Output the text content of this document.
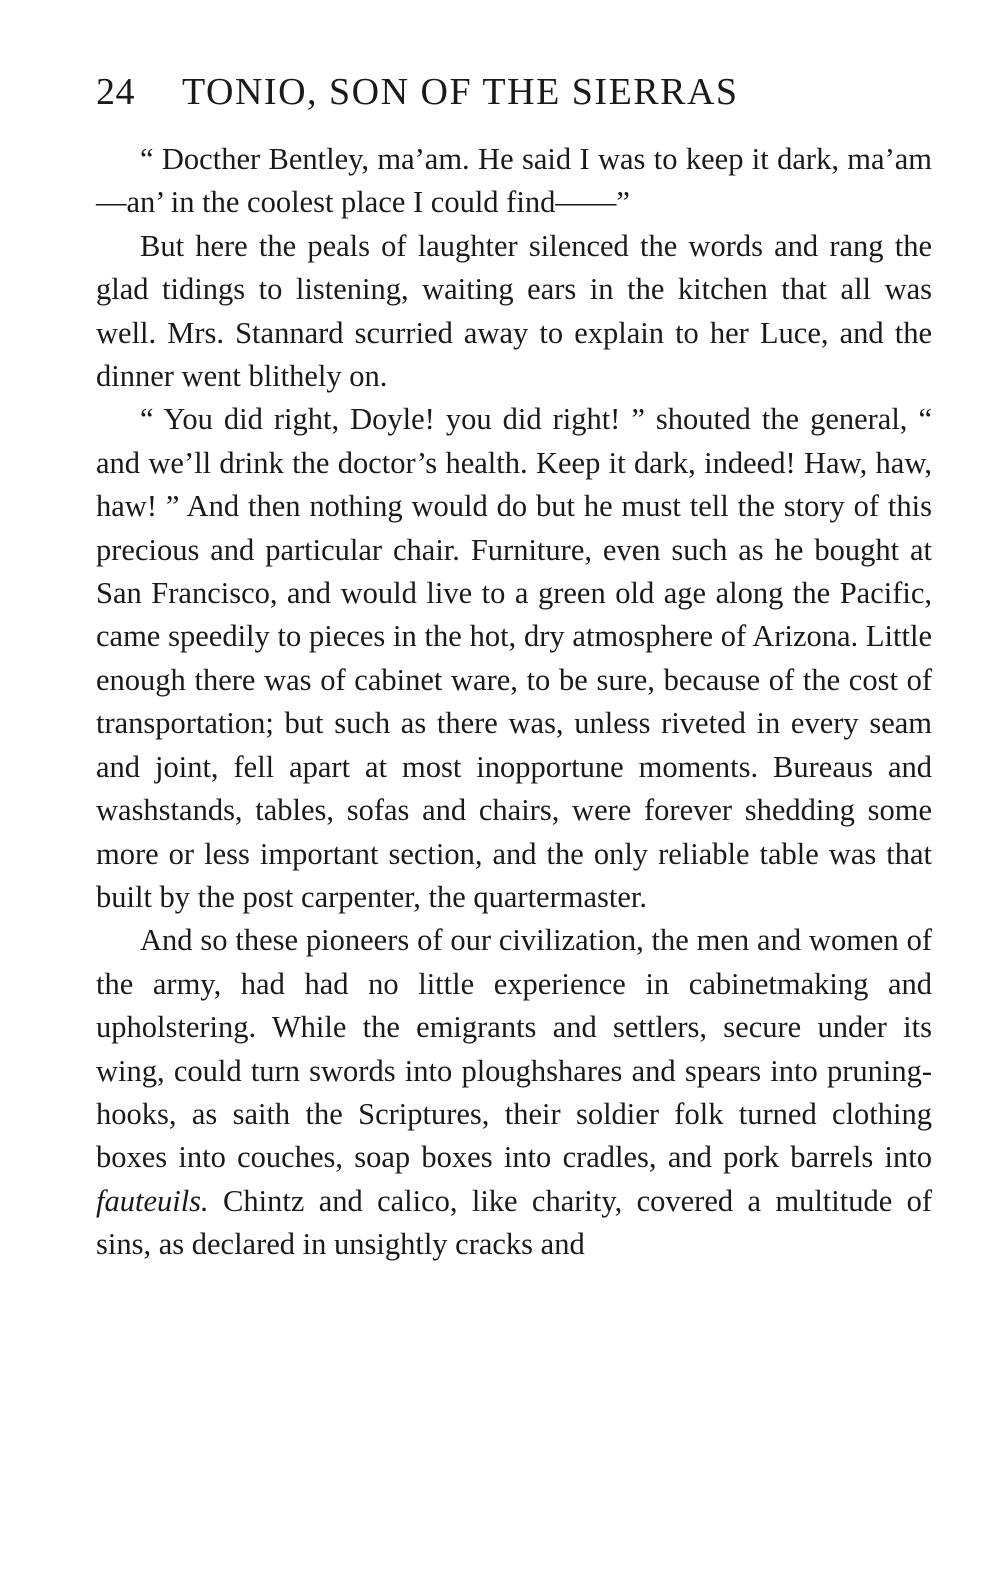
24	TONIO, SON OF THE SIERRAS

“ Docther Bentley, ma’am. He said I was to keep it dark, ma’am—an’ in the coolest place I could find——”

But here the peals of laughter silenced the words and rang the glad tidings to listening, waiting ears in the kitchen that all was well. Mrs. Stannard scurried away to explain to her Luce, and the dinner went blithely on.

“ You did right, Doyle! you did right! ” shouted the general, “ and we’ll drink the doctor’s health. Keep it dark, indeed! Haw, haw, haw! ” And then nothing would do but he must tell the story of this precious and particular chair. Furniture, even such as he bought at San Francisco, and would live to a green old age along the Pacific, came speedily to pieces in the hot, dry atmosphere of Arizona. Little enough there was of cabinet ware, to be sure, because of the cost of transportation; but such as there was, unless riveted in every seam and joint, fell apart at most inopportune moments. Bureaus and washstands, tables, sofas and chairs, were forever shedding some more or less important section, and the only reliable table was that built by the post carpenter, the quartermaster.

And so these pioneers of our civilization, the men and women of the army, had had no little experience in cabinetmaking and upholstering. While the emigrants and settlers, secure under its wing, could turn swords into ploughshares and spears into pruning-hooks, as saith the Scriptures, their soldier folk turned clothing boxes into couches, soap boxes into cradles, and pork barrels into fauteuils. Chintz and calico, like charity, covered a multitude of sins, as declared in unsightly cracks and
